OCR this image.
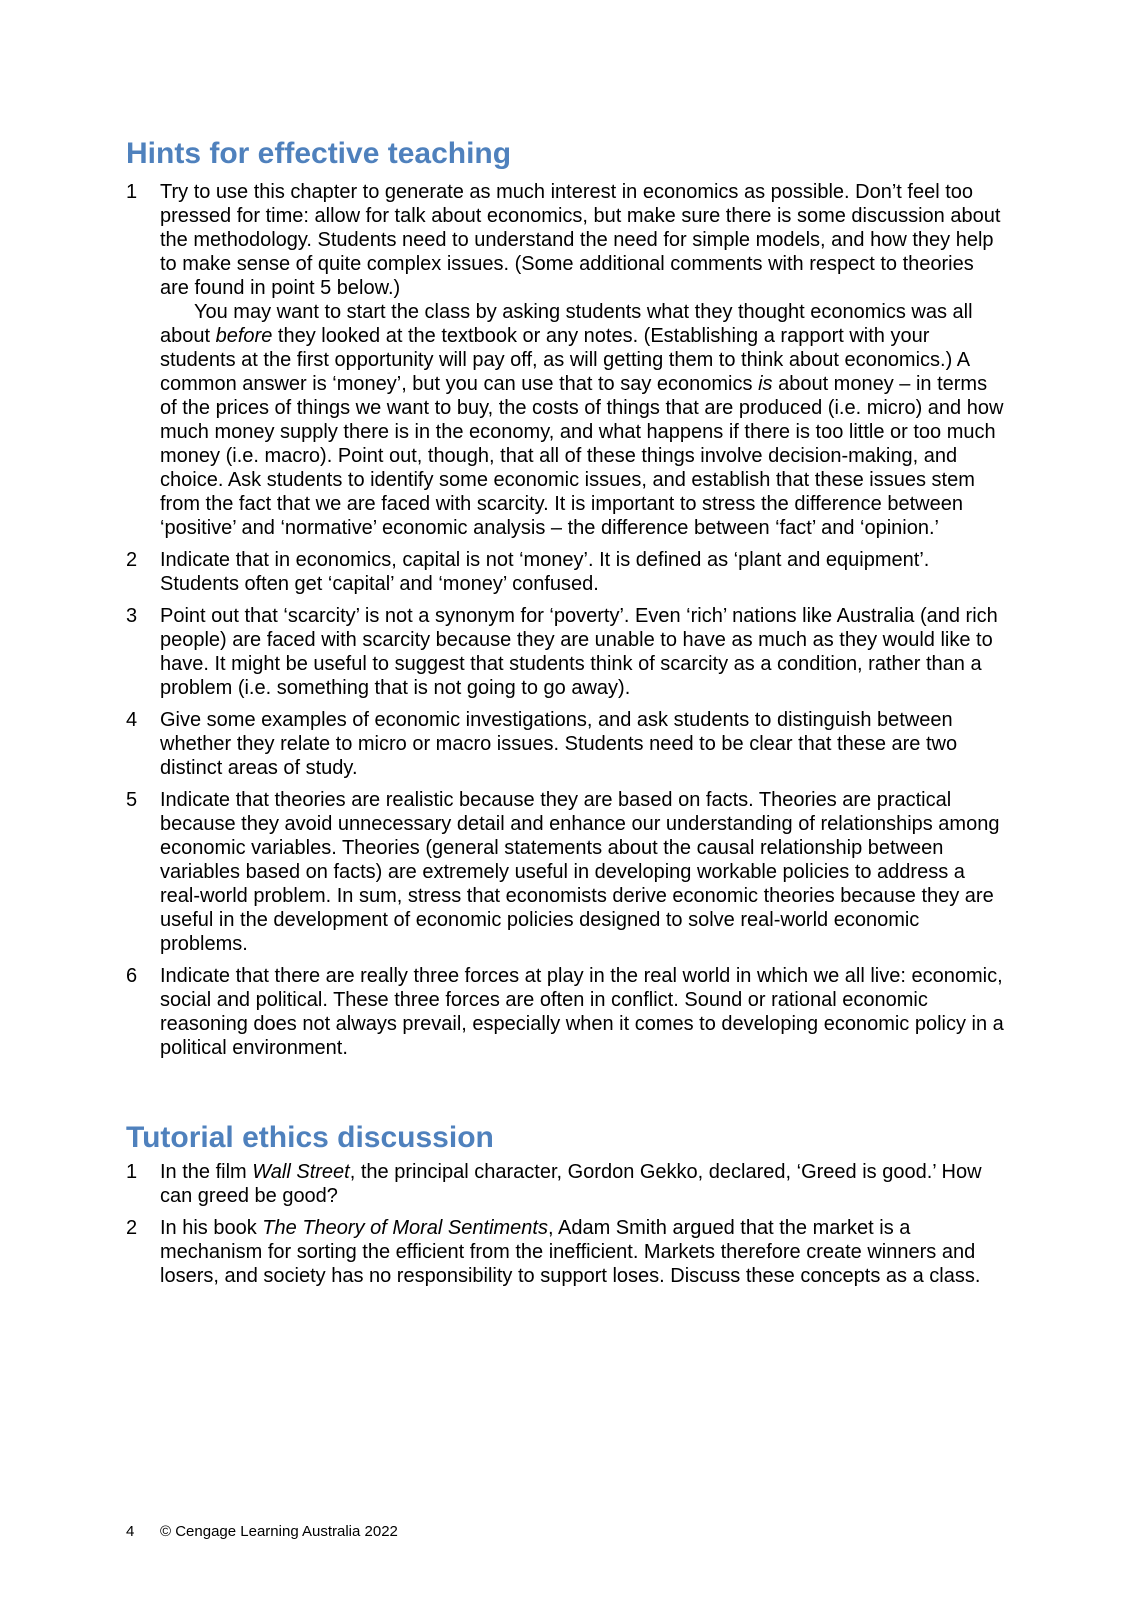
Hints for effective teaching
1	Try to use this chapter to generate as much interest in economics as possible. Don’t feel too pressed for time: allow for talk about economics, but make sure there is some discussion about the methodology. Students need to understand the need for simple models, and how they help to make sense of quite complex issues. (Some additional comments with respect to theories are found in point 5 below.)

You may want to start the class by asking students what they thought economics was all about before they looked at the textbook or any notes. (Establishing a rapport with your students at the first opportunity will pay off, as will getting them to think about economics.) A common answer is ‘money’, but you can use that to say economics is about money – in terms of the prices of things we want to buy, the costs of things that are produced (i.e. micro) and how much money supply there is in the economy, and what happens if there is too little or too much money (i.e. macro). Point out, though, that all of these things involve decision-making, and choice. Ask students to identify some economic issues, and establish that these issues stem from the fact that we are faced with scarcity. It is important to stress the difference between ‘positive’ and ‘normative’ economic analysis – the difference between ‘fact’ and ‘opinion.’

2	Indicate that in economics, capital is not ‘money’. It is defined as ‘plant and equipment’. Students often get ‘capital’ and ‘money’ confused.

3	Point out that ‘scarcity’ is not a synonym for ‘poverty’. Even ‘rich’ nations like Australia (and rich people) are faced with scarcity because they are unable to have as much as they would like to have. It might be useful to suggest that students think of scarcity as a condition, rather than a problem (i.e. something that is not going to go away).

4	Give some examples of economic investigations, and ask students to distinguish between whether they relate to micro or macro issues. Students need to be clear that these are two distinct areas of study.

5	Indicate that theories are realistic because they are based on facts. Theories are practical because they avoid unnecessary detail and enhance our understanding of relationships among economic variables. Theories (general statements about the causal relationship between variables based on facts) are extremely useful in developing workable policies to address a real-world problem. In sum, stress that economists derive economic theories because they are useful in the development of economic policies designed to solve real-world economic problems.

6	Indicate that there are really three forces at play in the real world in which we all live: economic, social and political. These three forces are often in conflict. Sound or rational economic reasoning does not always prevail, especially when it comes to developing economic policy in a political environment.

Tutorial ethics discussion
1	In the film Wall Street, the principal character, Gordon Gekko, declared, ‘Greed is good.’ How can greed be good?

2	In his book The Theory of Moral Sentiments, Adam Smith argued that the market is a mechanism for sorting the efficient from the inefficient. Markets therefore create winners and losers, and society has no responsibility to support loses. Discuss these concepts as a class.

4 © Cengage Learning Australia 2022
